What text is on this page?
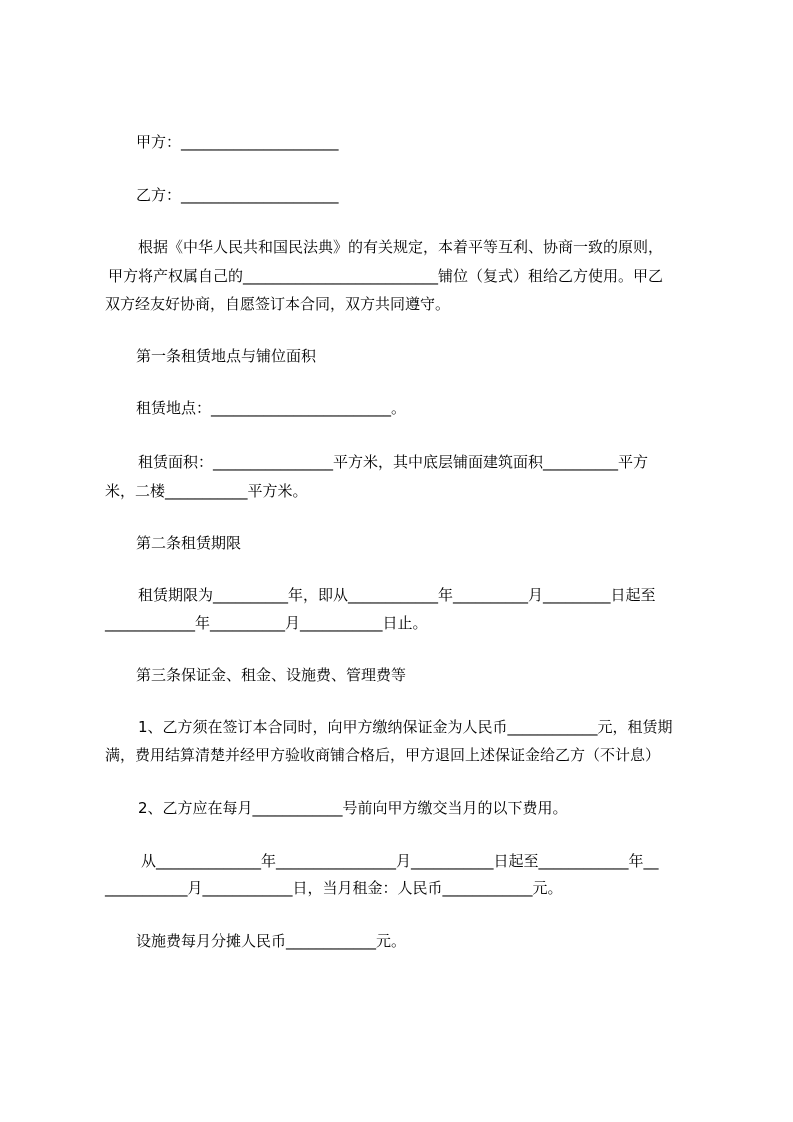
甲方：_____________________

乙方：_____________________

根据《中华人民共和国民法典》的有关规定，本着平等互利、协商一致的原则，

甲方将产权属自己的__________________________铺位（复式）租给乙方使用。甲乙

双方经友好协商，自愿签订本合同，双方共同遵守。

第一条租赁地点与铺位面积

租赁地点：________________________。

租赁面积：________________平方米，其中底层铺面建筑面积__________平方

米，二楼___________平方米。

第二条租赁期限

租赁期限为__________年，即从____________年__________月_________日起至

____________年__________月___________日止。

第三条保证金、租金、设施费、管理费等

1、乙方须在签订本合同时，向甲方缴纳保证金为人民币____________元，租赁期

满，费用结算清楚并经甲方验收商铺合格后，甲方退回上述保证金给乙方（不计息）

2、乙方应在每月____________号前向甲方缴交当月的以下费用。

从______________年________________月___________日起至____________年__

___________月____________日，当月租金：人民币____________元。

设施费每月分摊人民币____________元。
